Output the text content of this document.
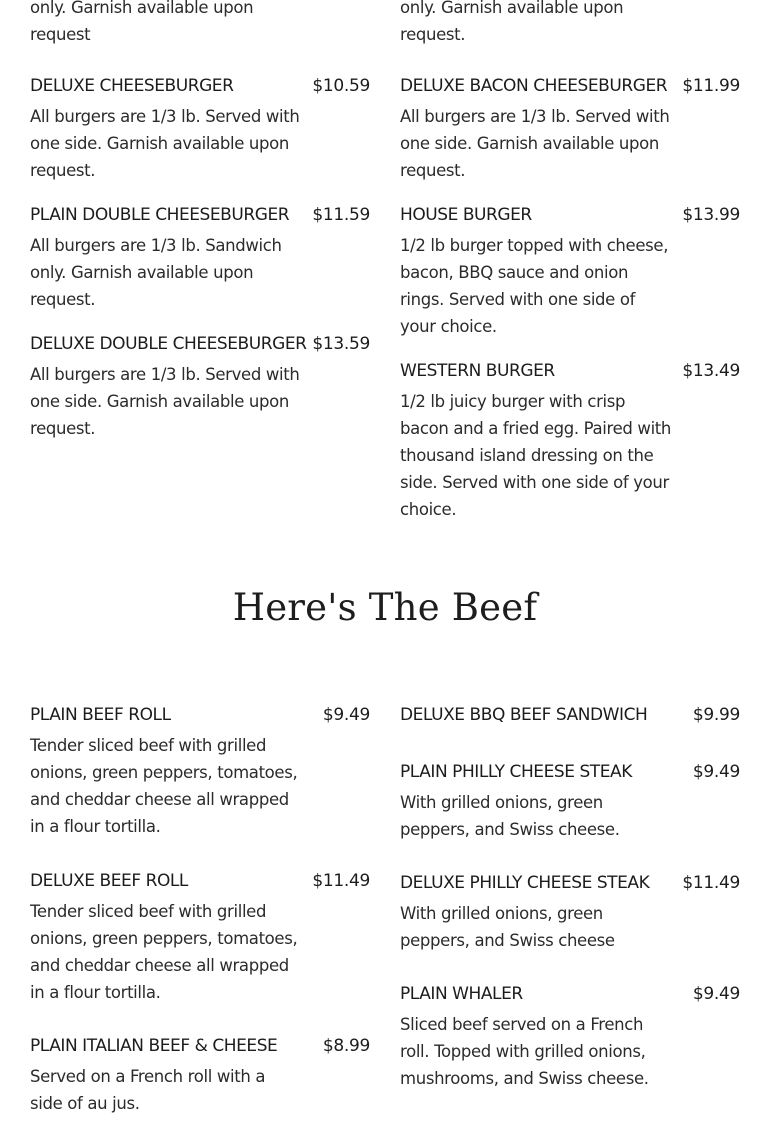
only. Garnish available upon request
only. Garnish available upon request.
DELUXE CHEESEBURGER	$10.59
All burgers are 1/3 lb. Served with one side. Garnish available upon request.
PLAIN DOUBLE CHEESEBURGER $11.59
All burgers are 1/3 lb. Sandwich only. Garnish available upon request.
DELUXE DOUBLE CHEESEBURGER $13.59
All burgers are 1/3 lb. Served with one side. Garnish available upon request.
DELUXE BACON CHEESEBURGER $11.99
All burgers are 1/3 lb. Served with one side. Garnish available upon request.
HOUSE BURGER	$13.99
1/2 lb burger topped with cheese, bacon, BBQ sauce and onion rings. Served with one side of your choice.
WESTERN BURGER	$13.49
1/2 lb juicy burger with crisp bacon and a fried egg. Paired with thousand island dressing on the side. Served with one side of your choice.
Here's The Beef
PLAIN BEEF ROLL	$9.49
Tender sliced beef with grilled onions, green peppers, tomatoes, and cheddar cheese all wrapped in a flour tortilla.
DELUXE BEEF ROLL	$11.49
Tender sliced beef with grilled onions, green peppers, tomatoes, and cheddar cheese all wrapped in a flour tortilla.
PLAIN ITALIAN BEEF & CHEESE	$8.99
Served on a French roll with a side of au jus.
DELUXE BBQ BEEF SANDWICH	$9.99
PLAIN PHILLY CHEESE STEAK	$9.49
With grilled onions, green peppers, and Swiss cheese.
DELUXE PHILLY CHEESE STEAK $11.49
With grilled onions, green peppers, and Swiss cheese
PLAIN WHALER	$9.49
Sliced beef served on a French roll. Topped with grilled onions, mushrooms, and Swiss cheese.
